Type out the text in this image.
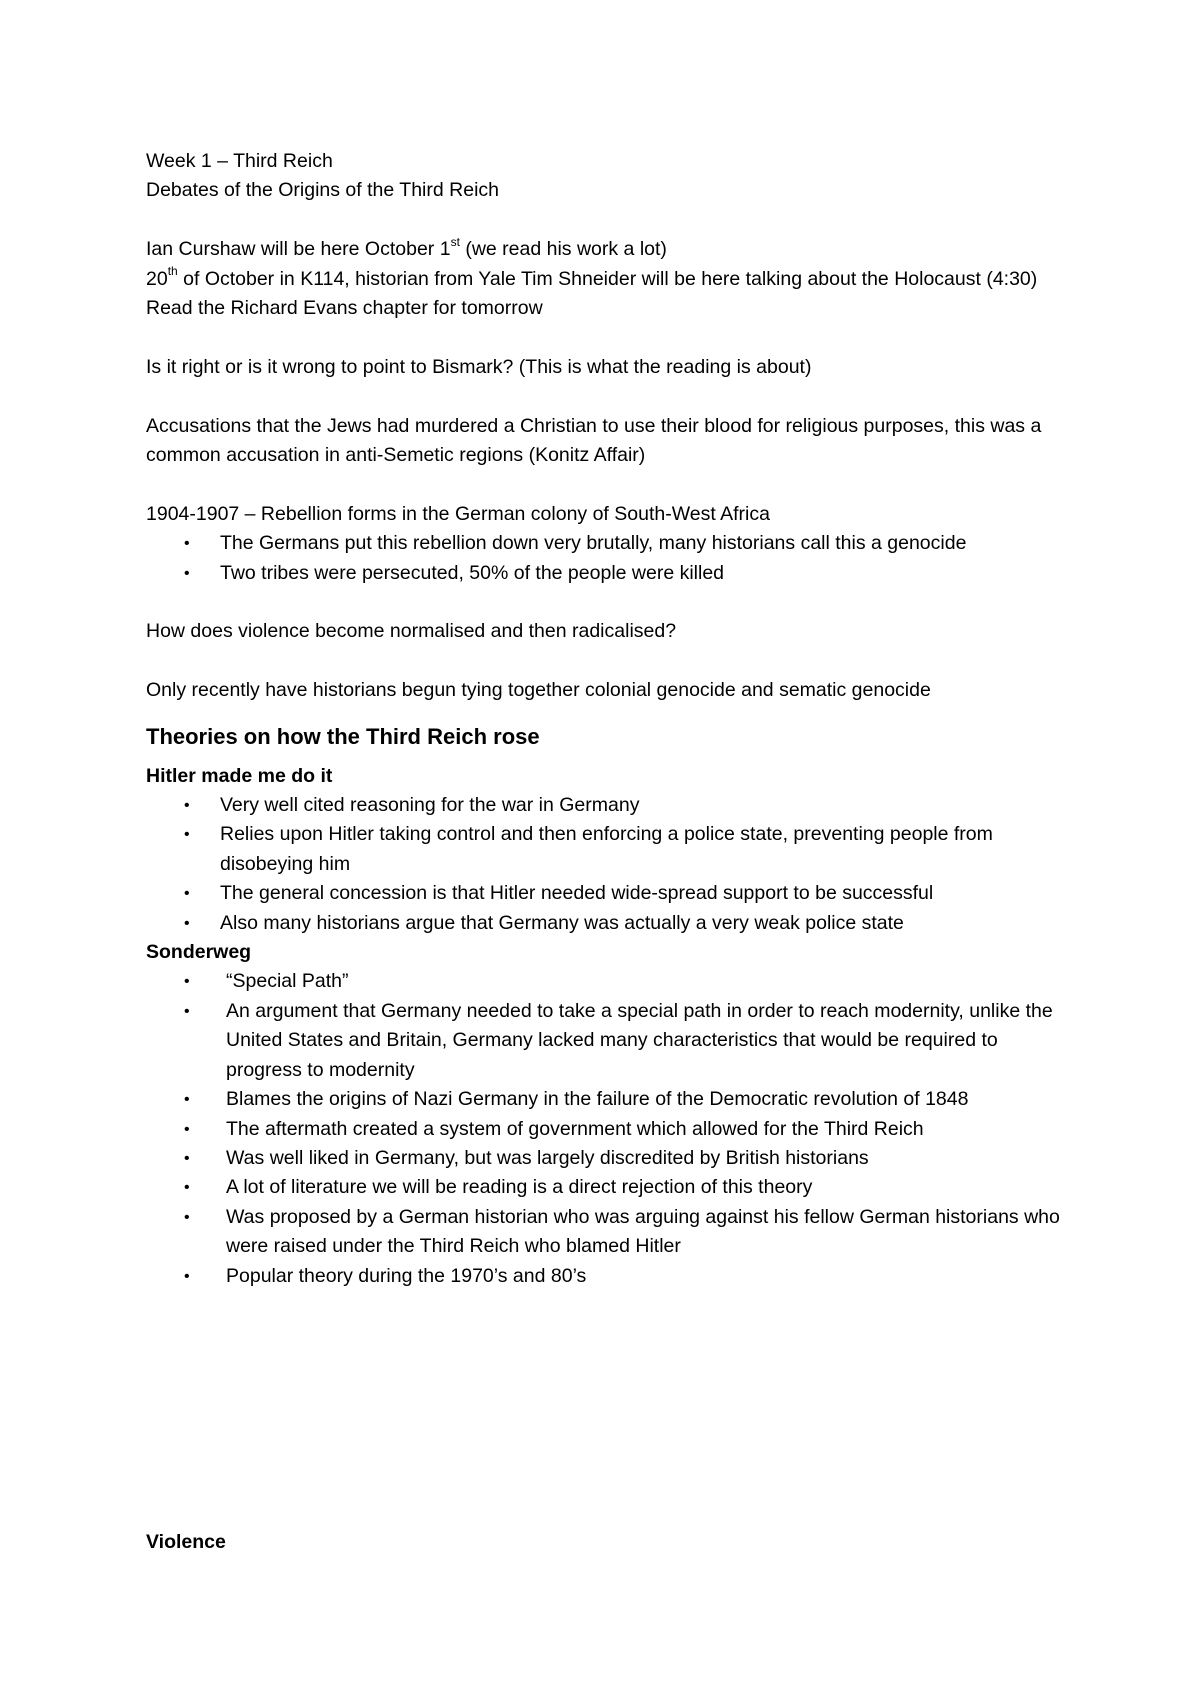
Week 1 – Third Reich

Debates of the Origins of the Third Reich

Ian Curshaw will be here October 1st (we read his work a lot)

20th of October in K114, historian from Yale Tim Shneider will be here talking about the Holocaust (4:30)

Read the Richard Evans chapter for tomorrow

Is it right or is it wrong to point to Bismark? (This is what the reading is about)

Accusations that the Jews had murdered a Christian to use their blood for religious purposes, this was a common accusation in anti-Semetic regions (Konitz Affair)

1904-1907 – Rebellion forms in the German colony of South-West Africa

• The Germans put this rebellion down very brutally, many historians call this a genocide
• Two tribes were persecuted, 50% of the people were killed

How does violence become normalised and then radicalised?

Only recently have historians begun tying together colonial genocide and sematic genocide

Theories on how the Third Reich rose

Hitler made me do it

• Very well cited reasoning for the war in Germany
• Relies upon Hitler taking control and then enforcing a police state, preventing people from disobeying him
• The general concession is that Hitler needed wide-spread support to be successful
• Also many historians argue that Germany was actually a very weak police state

Sonderweg

• “Special Path”
• An argument that Germany needed to take a special path in order to reach modernity, unlike the United States and Britain, Germany lacked many characteristics that would be required to progress to modernity
• Blames the origins of Nazi Germany in the failure of the Democratic revolution of 1848
• The aftermath created a system of government which allowed for the Third Reich
• Was well liked in Germany, but was largely discredited by British historians
• A lot of literature we will be reading is a direct rejection of this theory
• Was proposed by a German historian who was arguing against his fellow German historians who were raised under the Third Reich who blamed Hitler
• Popular theory during the 1970’s and 80’s

Violence
